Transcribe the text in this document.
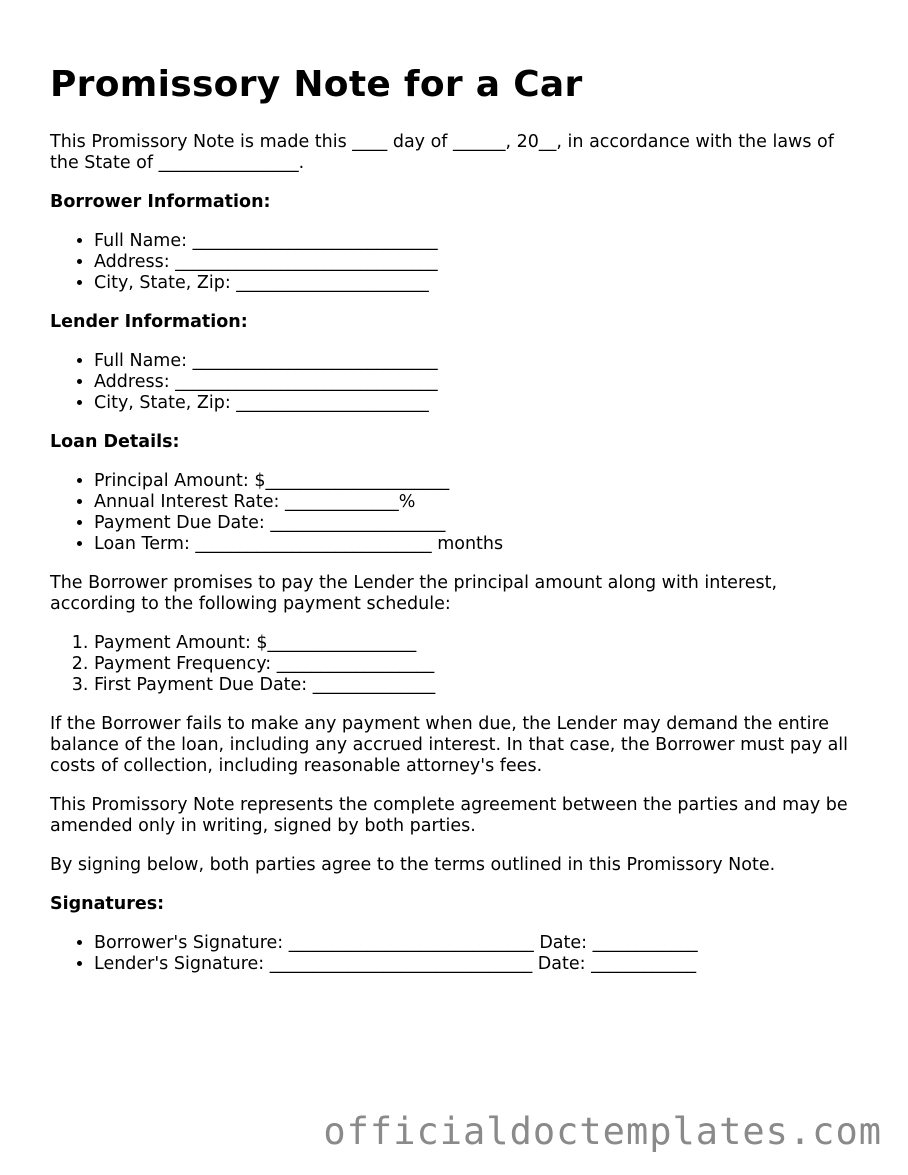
Promissory Note for a Car

This Promissory Note is made this ____ day of ______, 20__, in accordance with the laws of the State of ________________.

Borrower Information:
• Full Name: ____________________________
• Address: ______________________________
• City, State, Zip: ______________________
Lender Information:
• Full Name: ____________________________
• Address: ______________________________
• City, State, Zip: ______________________
Loan Details:
• Principal Amount: $_____________________
• Annual Interest Rate: _____________%
• Payment Due Date: ____________________
• Loan Term: ___________________________ months

The Borrower promises to pay the Lender the principal amount along with interest, according to the following payment schedule:

1. Payment Amount: $_________________
2. Payment Frequency: __________________
3. First Payment Due Date: ______________

If the Borrower fails to make any payment when due, the Lender may demand the entire balance of the loan, including any accrued interest. In that case, the Borrower must pay all costs of collection, including reasonable attorney's fees.

This Promissory Note represents the complete agreement between the parties and may be amended only in writing, signed by both parties.

By signing below, both parties agree to the terms outlined in this Promissory Note.

Signatures:
• Borrower's Signature: ____________________________ Date: ____________
• Lender's Signature: ______________________________ Date: ____________
officialdoctemplates.com
